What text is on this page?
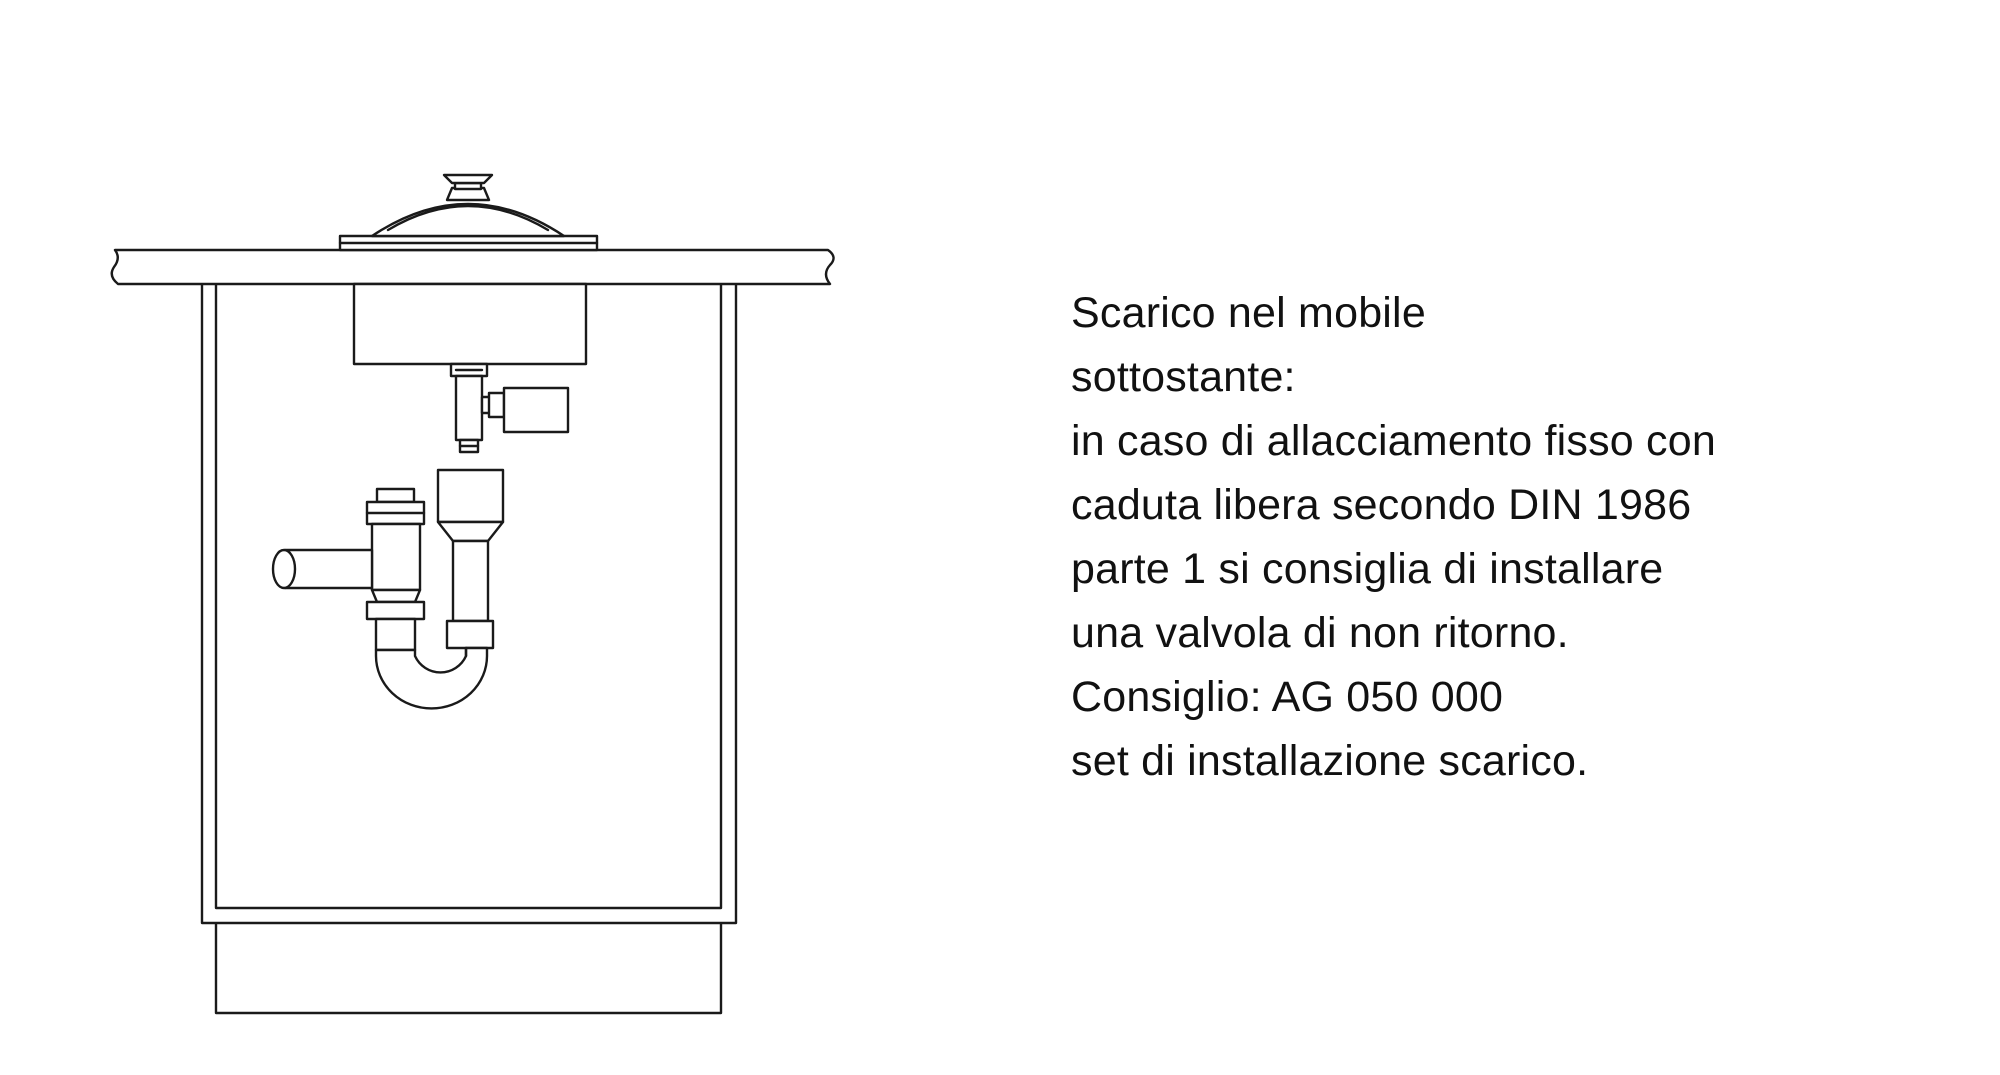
Scarico nel mobile
sottostante:
in caso di allacciamento fisso con
caduta libera secondo DIN 1986
parte 1 si consiglia di installare
una valvola di non ritorno.
Consiglio: AG 050 000
set di installazione scarico.
